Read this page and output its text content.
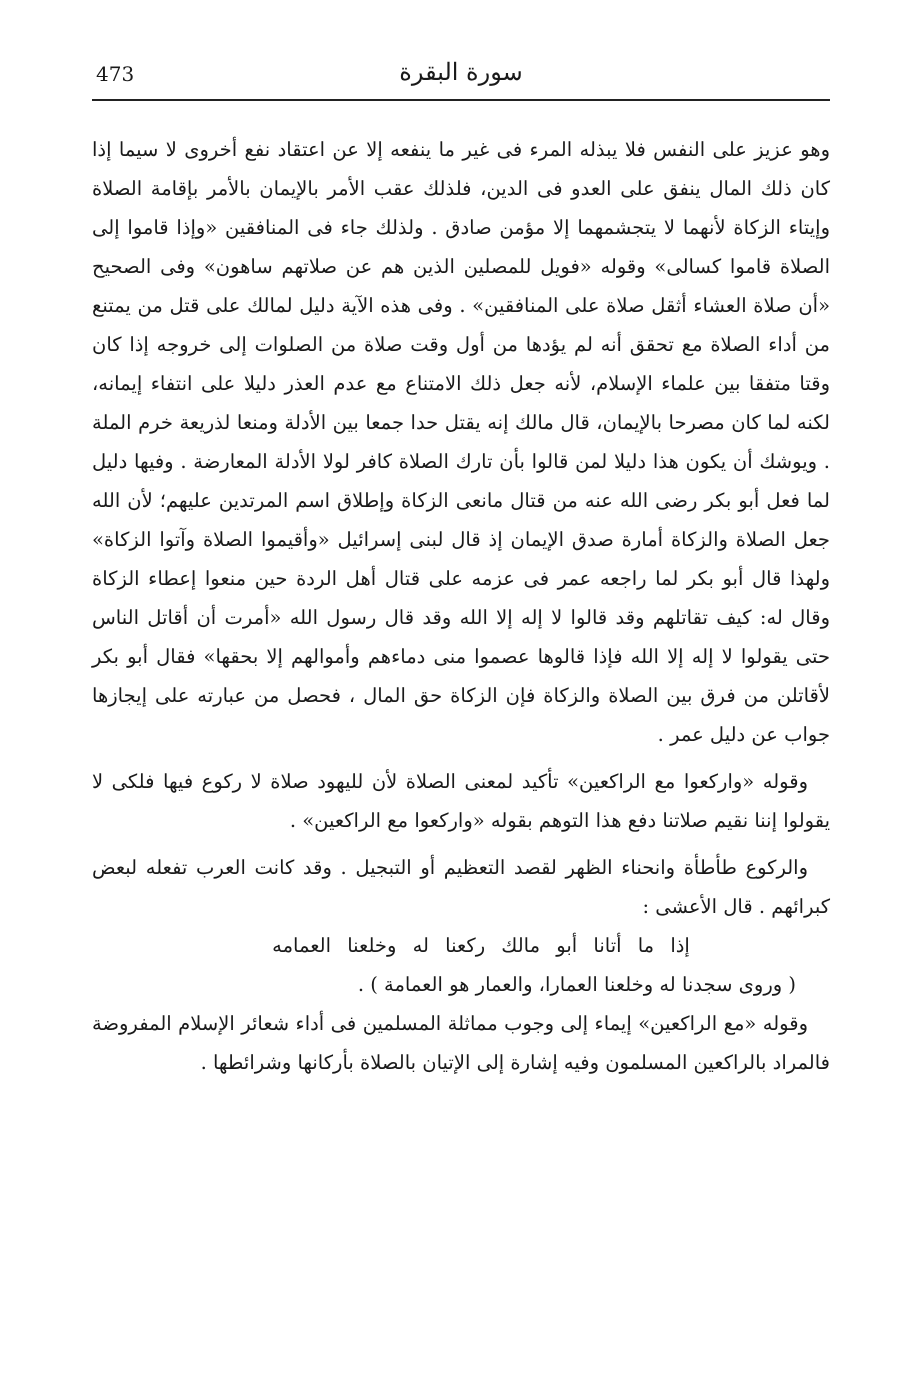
473	سورة البقرة

وهو عزيز على النفس فلا يبذله المرء فى غير ما ينفعه إلا عن اعتقاد نفع أخروى لا سيما إذا كان ذلك المال ينفق على العدو فى الدين، فلذلك عقب الأمر بالإيمان بالأمر بإقامة الصلاة وإيتاء الزكاة لأنهما لا يتجشمهما إلا مؤمن صادق . ولذلك جاء فى المنافقين «وإذا قاموا إلى الصلاة قاموا كسالى» وقوله «فويل للمصلين الذين هم عن صلاتهم ساهون» وفى الصحيح «أن صلاة العشاء أثقل صلاة على المنافقين» . وفى هذه الآية دليل لمالك على قتل من يمتنع من أداء الصلاة مع تحقق أنه لم يؤدها من أول وقت صلاة من الصلوات إلى خروجه إذا كان وقتا متفقا بين علماء الإسلام، لأنه جعل ذلك الامتناع مع عدم العذر دليلا على انتفاء إيمانه، لكنه لما كان مصرحا بالإيمان، قال مالك إنه يقتل حدا جمعا بين الأدلة ومنعا لذريعة خرم الملة . ويوشك أن يكون هذا دليلا لمن قالوا بأن تارك الصلاة كافر لولا الأدلة المعارضة . وفيها دليل لما فعل أبو بكر رضى الله عنه من قتال مانعى الزكاة وإطلاق اسم المرتدين عليهم؛ لأن الله جعل الصلاة والزكاة أمارة صدق الإيمان إذ قال لبنى إسرائيل «وأقيموا الصلاة وآتوا الزكاة» ولهذا قال أبو بكر لما راجعه عمر فى عزمه على قتال أهل الردة حين منعوا إعطاء الزكاة وقال له: كيف تقاتلهم وقد قالوا لا إله إلا الله وقد قال رسول الله «أمرت أن أقاتل الناس حتى يقولوا لا إله إلا الله فإذا قالوها عصموا منى دماءهم وأموالهم إلا بحقها» فقال أبو بكر لأقاتلن من فرق بين الصلاة والزكاة فإن الزكاة حق المال ، فحصل من عبارته على إيجازها جواب عن دليل عمر .

وقوله «واركعوا مع الراكعين» تأكيد لمعنى الصلاة لأن لليهود صلاة لا ركوع فيها فلكى لا يقولوا إننا نقيم صلاتنا دفع هذا التوهم بقوله «واركعوا مع الراكعين» .

والركوع طأطأة وانحناء الظهر لقصد التعظيم أو التبجيل . وقد كانت العرب تفعله لبعض كبرائهم . قال الأعشى :

إذا ما أتانا أبو مالك ركعنا له وخلعنا العمامه

( وروى سجدنا له وخلعنا العمارا، والعمار هو العمامة ) .

وقوله «مع الراكعين» إيماء إلى وجوب مماثلة المسلمين فى أداء شعائر الإسلام المفروضة فالمراد بالراكعين المسلمون وفيه إشارة إلى الإتيان بالصلاة بأركانها وشرائطها .
